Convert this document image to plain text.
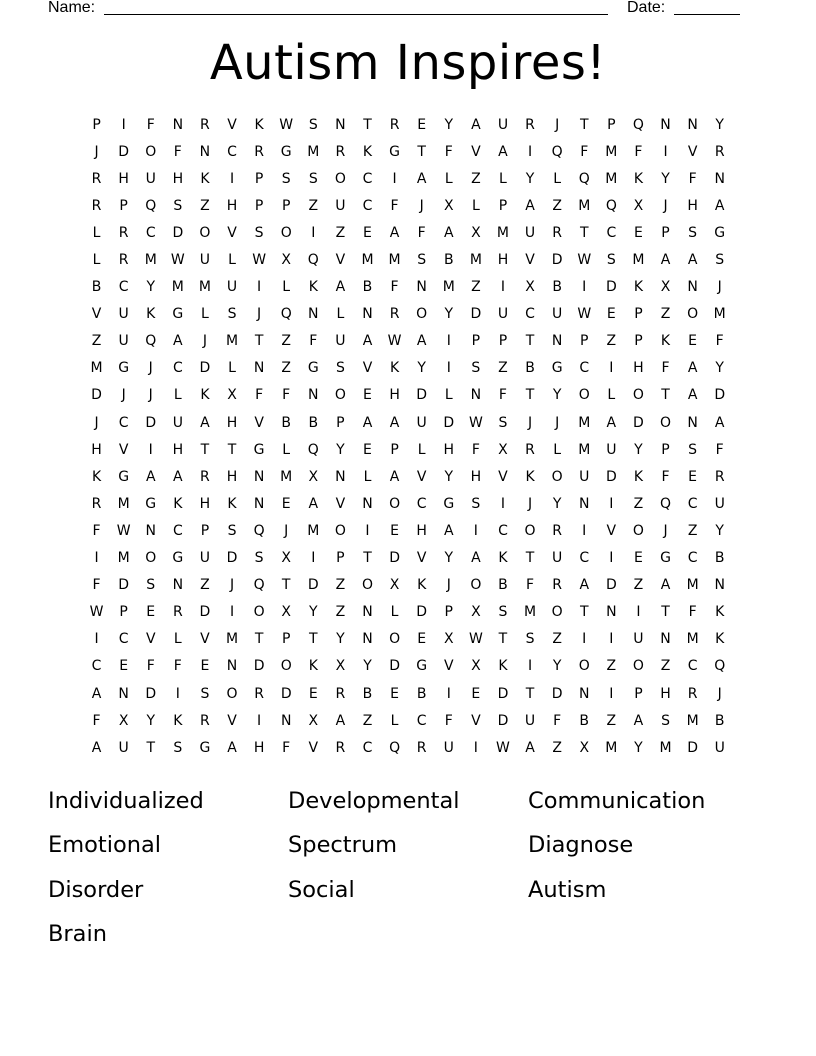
Name:	Date:
Autism Inspires!
P	I	F	N	R	V	K	W	S	N	T	R	E	Y	A	U	R	J	T	P	Q	N	N	Y
J	D	O	F	N	C	R	G	M	R	K	G	T	F	V	A	I	Q	F	M	F	I	V	R
R	H	U	H	K	I	P	S	S	O	C	I	A	L	Z	L	Y	L	Q	M	K	Y	F	N
R	P	Q	S	Z	H	P	P	Z	U	C	F	J	X	L	P	A	Z	M	Q	X	J	H	A
L	R	C	D	O	V	S	O	I	Z	E	A	F	A	X	M	U	R	T	C	E	P	S	G
L	R	M	W	U	L	W	X	Q	V	M	M	S	B	M	H	V	D	W	S	M	A	A	S
B	C	Y	M	M	U	I	L	K	A	B	F	N	M	Z	I	X	B	I	D	K	X	N	J
V	U	K	G	L	S	J	Q	N	L	N	R	O	Y	D	U	C	U	W	E	P	Z	O	M
Z	U	Q	A	J	M	T	Z	F	U	A	W	A	I	P	P	T	N	P	Z	P	K	E	F
M	G	J	C	D	L	N	Z	G	S	V	K	Y	I	S	Z	B	G	C	I	H	F	A	Y
D	J	J	L	K	X	F	F	N	O	E	H	D	L	N	F	T	Y	O	L	O	T	A	D
J	C	D	U	A	H	V	B	B	P	A	A	U	D	W	S	J	J	M	A	D	O	N	A
H	V	I	H	T	T	G	L	Q	Y	E	P	L	H	F	X	R	L	M	U	Y	P	S	F
K	G	A	A	R	H	N	M	X	N	L	A	V	Y	H	V	K	O	U	D	K	F	E	R
R	M	G	K	H	K	N	E	A	V	N	O	C	G	S	I	J	Y	N	I	Z	Q	C	U
F	W	N	C	P	S	Q	J	M	O	I	E	H	A	I	C	O	R	I	V	O	J	Z	Y
I	M	O	G	U	D	S	X	I	P	T	D	V	Y	A	K	T	U	C	I	E	G	C	B
F	D	S	N	Z	J	Q	T	D	Z	O	X	K	J	O	B	F	R	A	D	Z	A	M	N
W	P	E	R	D	I	O	X	Y	Z	N	L	D	P	X	S	M	O	T	N	I	T	F	K
I	C	V	L	V	M	T	P	T	Y	N	O	E	X	W	T	S	Z	I	I	U	N	M	K
C	E	F	F	E	N	D	O	K	X	Y	D	G	V	X	K	I	Y	O	Z	O	Z	C	Q
A	N	D	I	S	O	R	D	E	R	B	E	B	I	E	D	T	D	N	I	P	H	R	J
F	X	Y	K	R	V	I	N	X	A	Z	L	C	F	V	D	U	F	B	Z	A	S	M	B
A	U	T	S	G	A	H	F	V	R	C	Q	R	U	I	W	A	Z	X	M	Y	M	D	U
Individualized	Developmental	Communication
Emotional	Spectrum	Diagnose
Disorder	Social	Autism
Brain
